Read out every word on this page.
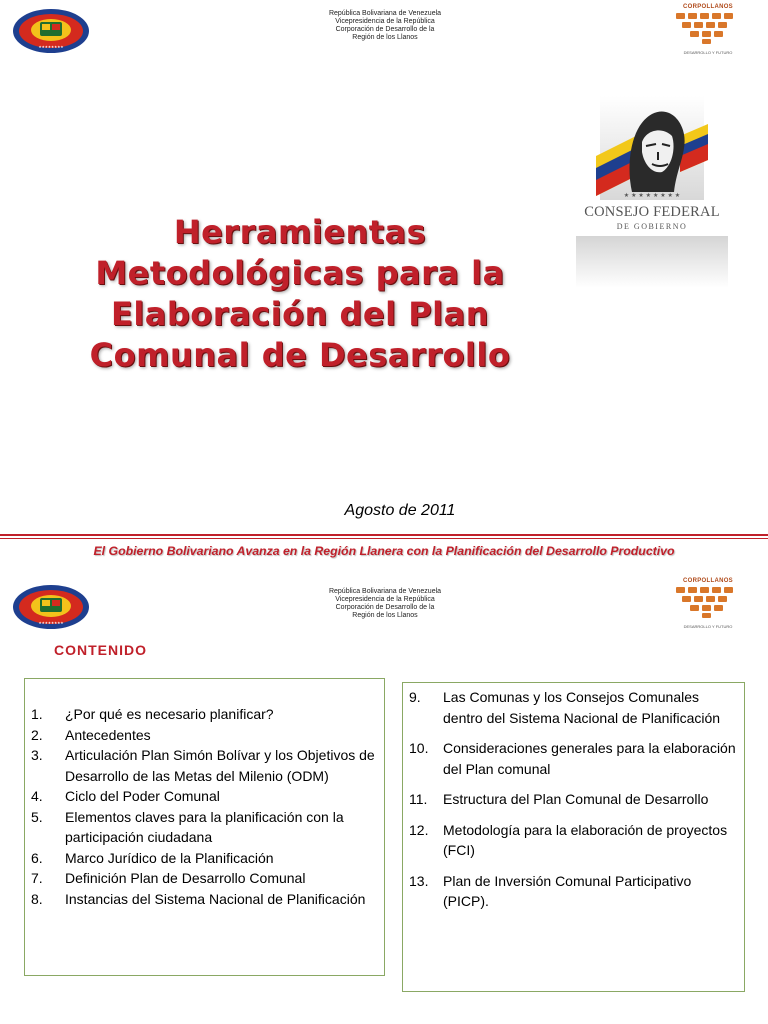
★★★★★★★★
República Bolivariana de Venezuela
Vicepresidencia de la República
Corporación de Desarrollo de la
Región de los Llanos
CORPOLLANOS
DESARROLLO Y FUTURO
★ ★ ★ ★ ★ ★ ★ ★
CONSEJO FEDERAL
DE GOBIERNO
Herramientas
Metodológicas para la
Elaboración del Plan
Comunal de Desarrollo
Agosto de 2011
El Gobierno Bolivariano Avanza en la Región Llanera con la Planificación del Desarrollo Productivo
★★★★★★★★
República Bolivariana de Venezuela
Vicepresidencia de la República
Corporación de Desarrollo de la
Región de los Llanos
CORPOLLANOS
DESARROLLO Y FUTURO
CONTENIDO
1. ¿Por qué es necesario planificar?
2. Antecedentes
3. Articulación Plan Simón Bolívar y los Objetivos de Desarrollo de las Metas del Milenio (ODM)
4. Ciclo del Poder Comunal
5. Elementos claves para la planificación con la participación ciudadana
6. Marco Jurídico de la Planificación
7. Definición Plan de Desarrollo Comunal
8. Instancias del Sistema Nacional de Planificación
9. Las Comunas y los Consejos Comunales dentro del Sistema Nacional de Planificación
10. Consideraciones generales para la elaboración del Plan comunal
11. Estructura del Plan Comunal de Desarrollo
12. Metodología para la elaboración de proyectos (FCI)
13. Plan de Inversión Comunal Participativo (PICP).
